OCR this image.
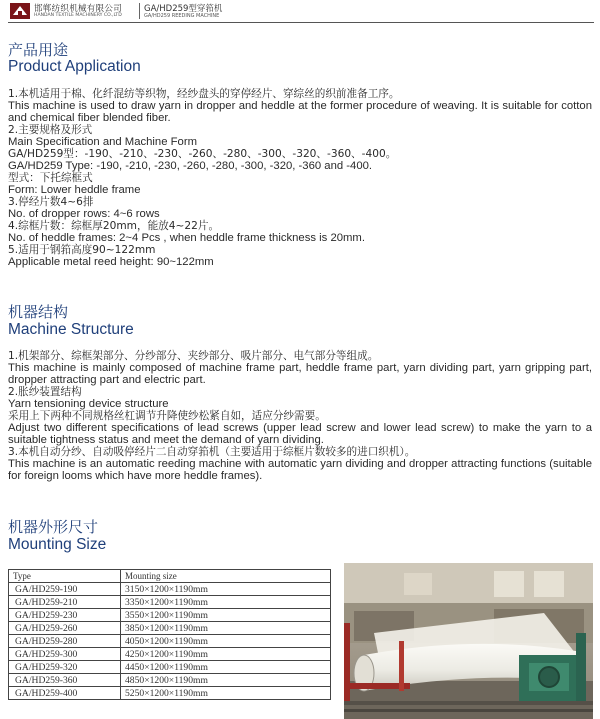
邯郸纺织机械有限公司
HANDAN TEXTILE MACHINERY CO.,LTD
GA/HD259型穿筘机
GA/HD259 REEDING MACHINE
产品用途
Product Application
1.本机适用于棉、化纤混纺等织物，经纱盘头的穿停经片、穿综丝的织前准备工序。
This machine is used to draw yarn in dropper and heddle at the former procedure of weaving. It is suitable for cotton and chemical fiber blended fiber.
2.主要规格及形式
Main Specification and Machine Form
GA/HD259型：-190、-210、-230、-260、-280、-300、-320、-360、-400。
GA/HD259 Type: -190, -210, -230, -260, -280, -300, -320, -360 and -400.
型式：下托综框式
Form: Lower heddle frame
3.停经片数4~6排
No. of dropper rows: 4~6 rows
4.综框片数：综框厚20mm，能放4~22片。
No. of heddle frames: 2~4 Pcs , when heddle frame thickness is 20mm.
5.适用于钢筘高度90~122mm
Applicable metal reed height: 90~122mm
机器结构
Machine Structure
1.机架部分、综框架部分、分纱部分、夹纱部分、吸片部分、电气部分等组成。
This machine is mainly composed of machine frame part, heddle frame part, yarn dividing part, yarn gripping part, dropper attracting part and electric part.
2.胀纱装置结构
Yarn tensioning device structure
采用上下两种不同规格丝杠调节升降使纱松紧自如，适应分纱需要。
Adjust two different specifications of lead screws (upper lead screw and lower lead screw) to make the yarn to a suitable tightness status and meet the demand of yarn dividing.
3.本机自动分纱、自动吸停经片二自动穿筘机（主要适用于综框片数较多的进口织机）。
This machine is an automatic reeding machine with automatic yarn dividing and dropper attracting functions (suitable for foreign looms which have more heddle frames).
机器外形尺寸
Mounting Size
Type	Mounting size
GA/HD259-190	3150×1200×1190mm
GA/HD259-210	3350×1200×1190mm
GA/HD259-230	3550×1200×1190mm
GA/HD259-260	3850×1200×1190mm
GA/HD259-280	4050×1200×1190mm
GA/HD259-300	4250×1200×1190mm
GA/HD259-320	4450×1200×1190mm
GA/HD259-360	4850×1200×1190mm
GA/HD259-400	5250×1200×1190mm
